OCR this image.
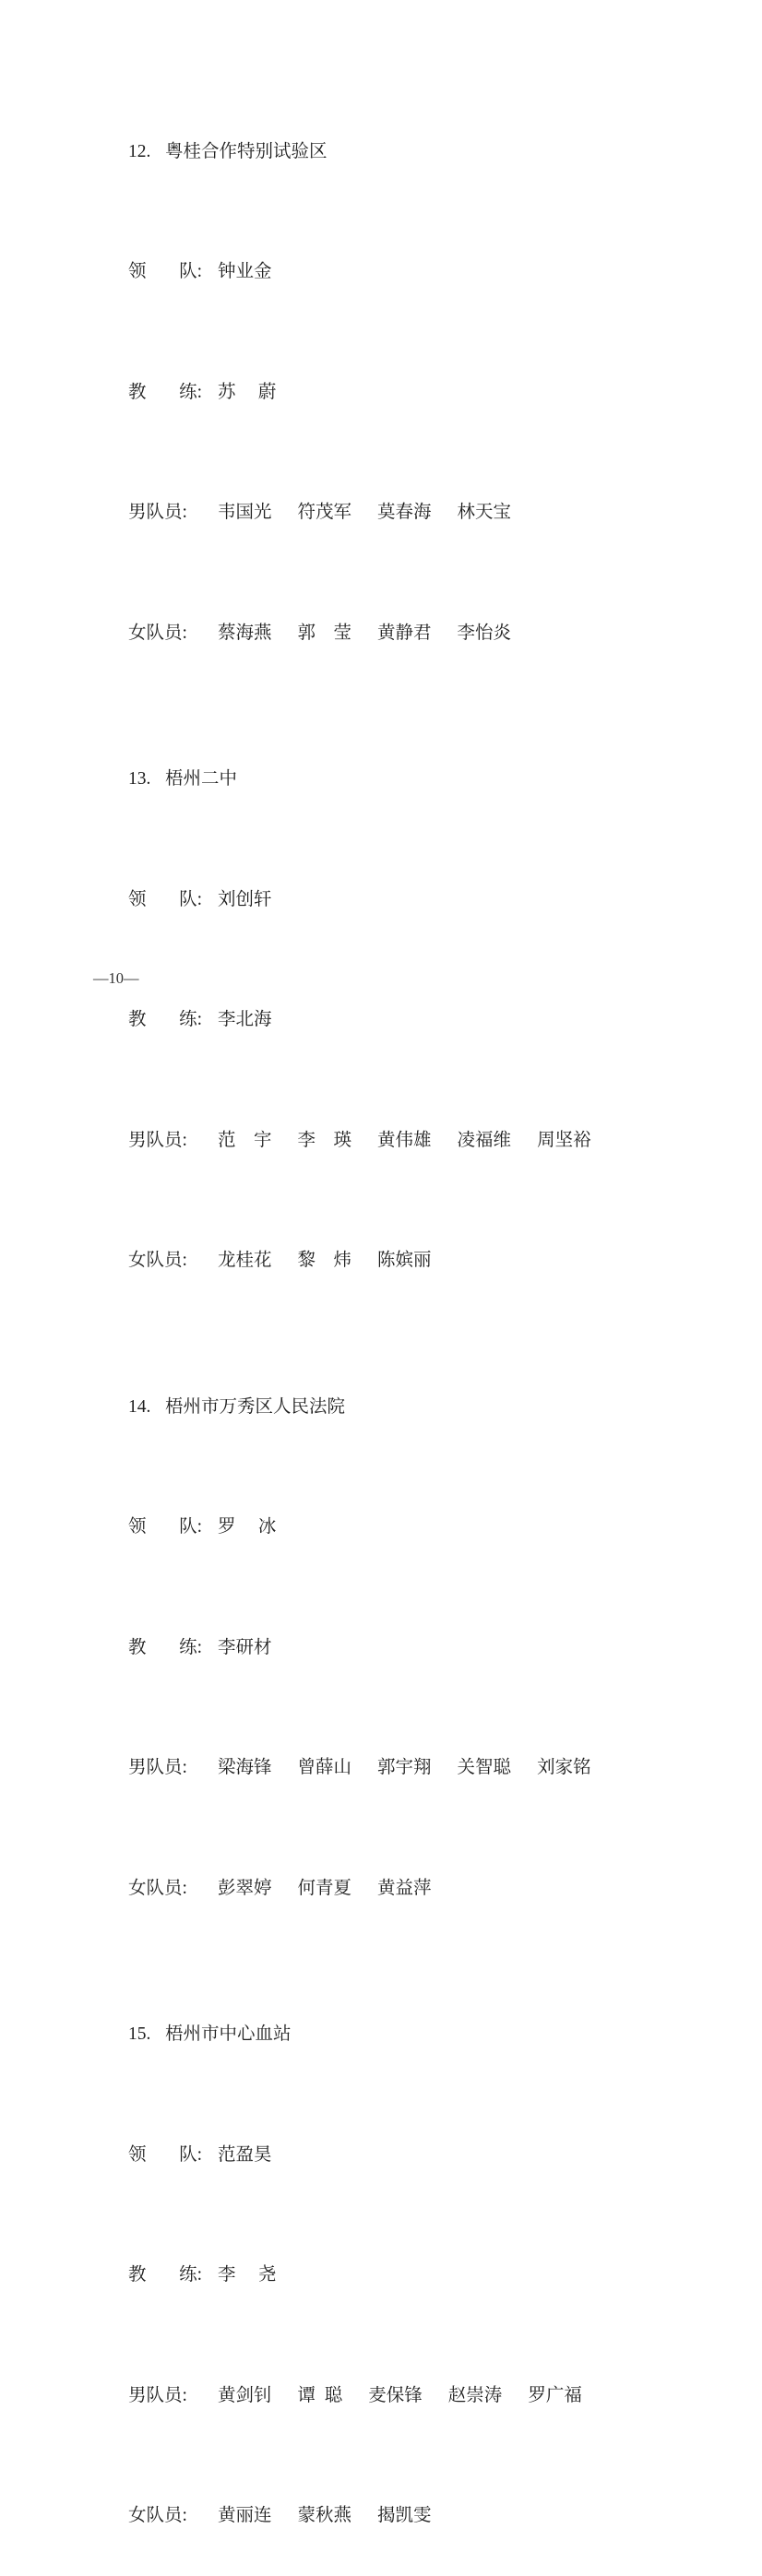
12. 粤桂合作特别试验区

领 队: 钟业金

教 练: 苏　 蔚

男队员: 韦国光 符茂军 莫春海 林天宝

女队员: 蔡海燕 郭　莹 黄静君 李怡炎

13. 梧州二中

领 队: 刘创轩

教 练: 李北海

男队员: 范　宇 李　瑛 黄伟雄 凌福维 周坚裕

女队员: 龙桂花 黎　炜 陈嫔丽

14. 梧州市万秀区人民法院

领 队: 罗　 冰

教 练: 李研材

男队员: 梁海锋 曾薛山 郭宇翔 关智聪 刘家铭

女队员: 彭翠婷 何青夏 黄益萍

15. 梧州市中心血站

领 队: 范盈昊

教 练: 李　 尧

男队员: 黄剑钊 谭  聪 麦保锋 赵崇涛 罗广福

女队员: 黄丽连 蒙秋燕 揭凯雯

—10—
